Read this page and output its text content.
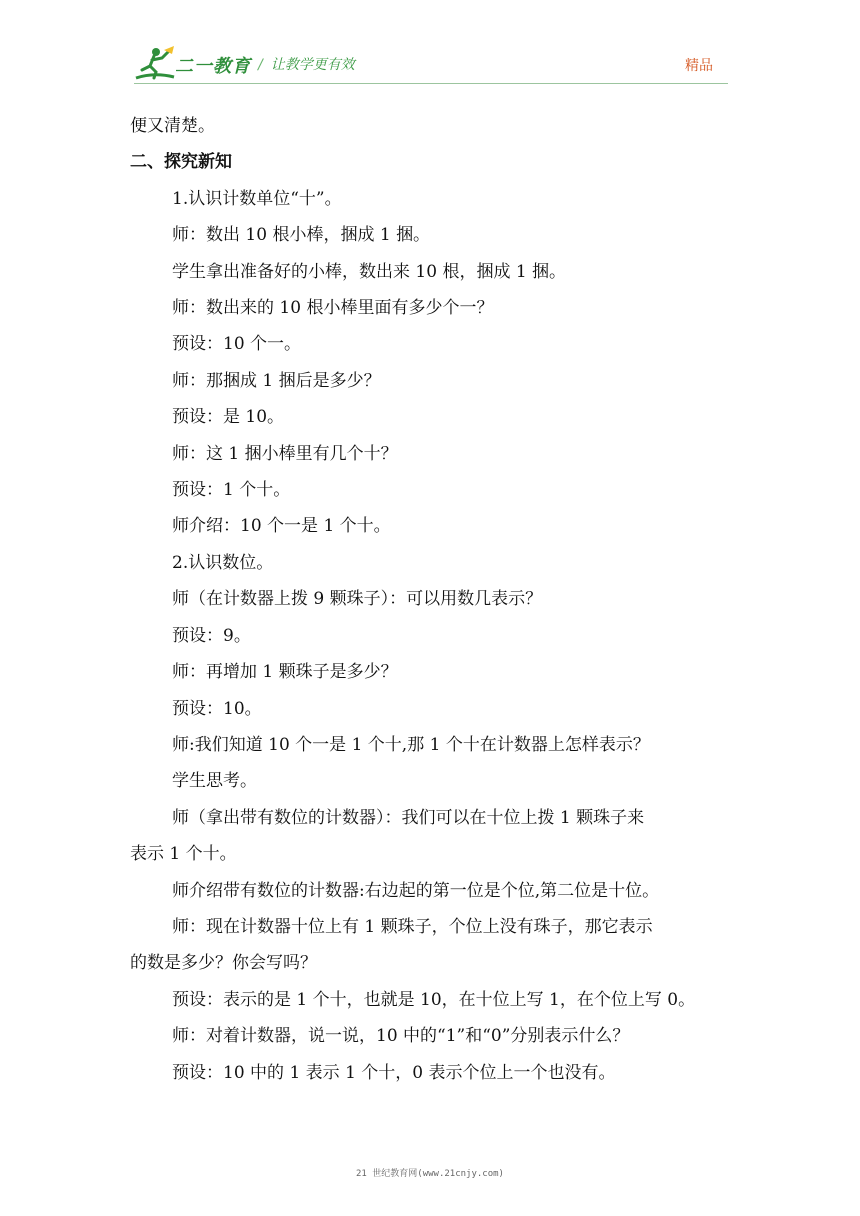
二一教育 / 让教学更有效	精品
便又清楚。
二、探究新知
1.认识计数单位“十”。
师：数出 10 根小棒，捆成 1 捆。
学生拿出准备好的小棒，数出来 10 根，捆成 1 捆。
师：数出来的 10 根小棒里面有多少个一？
预设：10 个一。
师：那捆成 1 捆后是多少？
预设：是 10。
师：这 1 捆小棒里有几个十？
预设：1 个十。
师介绍：10 个一是 1 个十。
2.认识数位。
师（在计数器上拨 9 颗珠子）：可以用数几表示？
预设：9。
师：再增加 1 颗珠子是多少？
预设：10。
师:我们知道 10 个一是 1 个十,那 1 个十在计数器上怎样表示？
学生思考。
师（拿出带有数位的计数器）：我们可以在十位上拨 1 颗珠子来
表示 1 个十。
师介绍带有数位的计数器:右边起的第一位是个位,第二位是十位。
师：现在计数器十位上有 1 颗珠子，个位上没有珠子，那它表示
的数是多少？你会写吗？
预设：表示的是 1 个十，也就是 10，在十位上写 1，在个位上写 0。
师：对着计数器，说一说，10 中的“1”和“0”分别表示什么？
预设：10 中的 1 表示 1 个十，0 表示个位上一个也没有。
21 世纪教育网(www.21cnjy.com)
